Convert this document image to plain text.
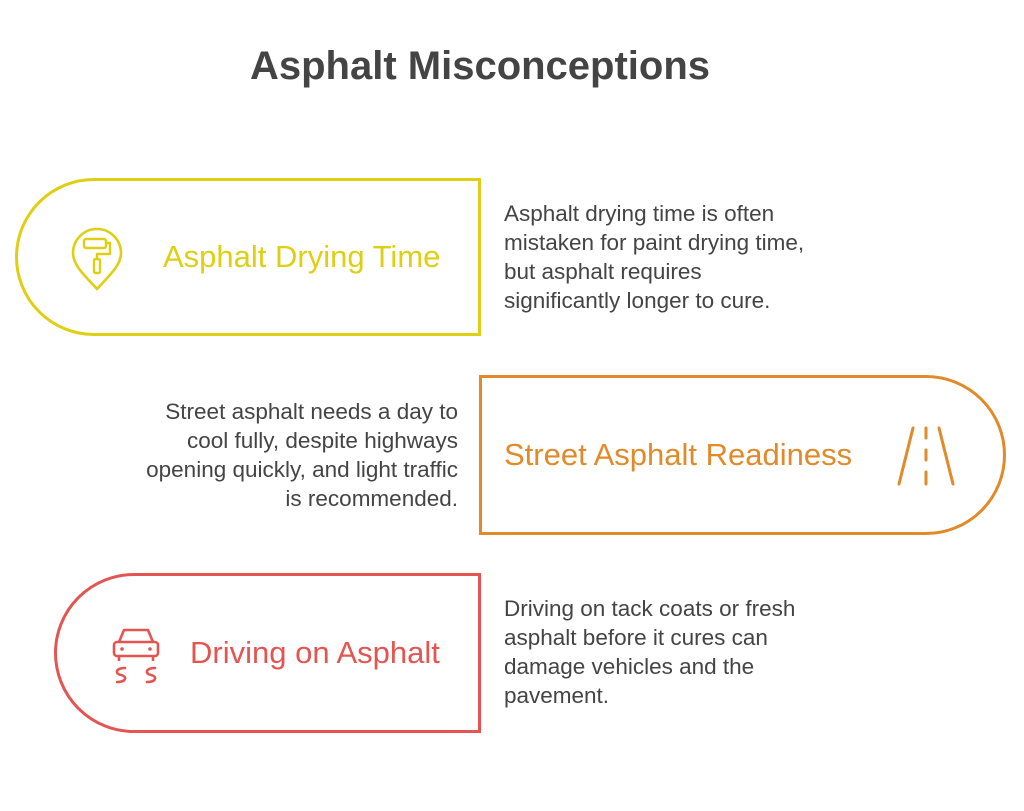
Asphalt Misconceptions
Asphalt Drying Time
Asphalt drying time is often
mistaken for paint drying time,
but asphalt requires
significantly longer to cure.
Street asphalt needs a day to
cool fully, despite highways
opening quickly, and light traffic
is recommended.
Street Asphalt Readiness
Driving on Asphalt
Driving on tack coats or fresh
asphalt before it cures can
damage vehicles and the
pavement.
